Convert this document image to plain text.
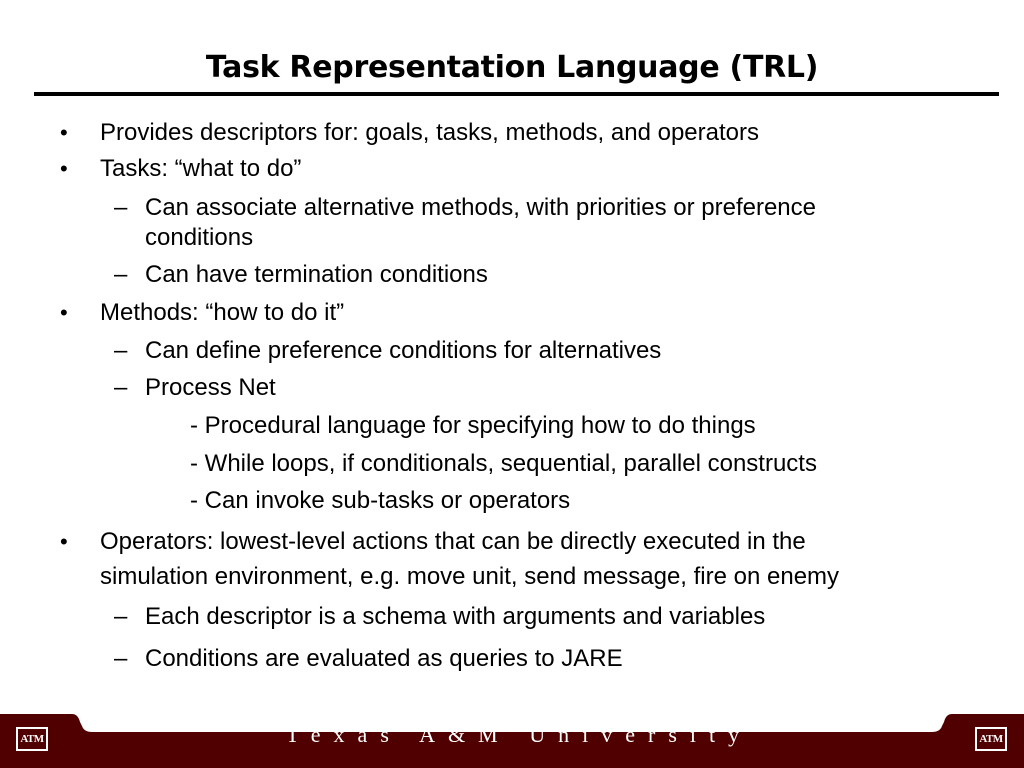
Task Representation Language (TRL)
• Provides descriptors for: goals, tasks, methods, and operators
• Tasks: “what to do”
– Can associate alternative methods, with priorities or preference
conditions
– Can have termination conditions
• Methods: “how to do it”
– Can define preference conditions for alternatives
– Process Net
- Procedural language for specifying how to do things
- While loops, if conditionals, sequential, parallel constructs
- Can invoke sub-tasks or operators
• Operators: lowest-level actions that can be directly executed in the
simulation environment, e.g. move unit, send message, fire on enemy
– Each descriptor is a schema with arguments and variables
– Conditions are evaluated as queries to JARE
ATM	ATM
Texas A&M University
